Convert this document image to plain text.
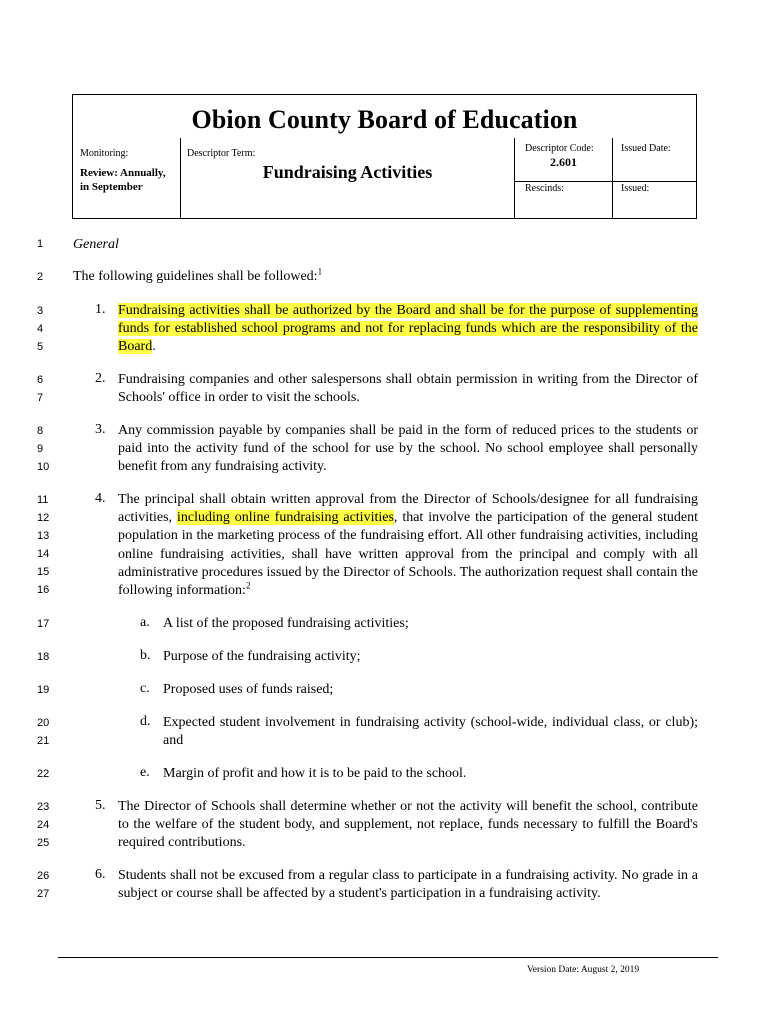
Obion County Board of Education
Monitoring:
Review: Annually,
in September
Descriptor Term:
Fundraising Activities
Descriptor Code:
2.601
Issued Date:
Rescinds:	Issued:
1
2
3
4
5
6
7
8
9
10
11
12
13
14
15
16
17
18
19
20
21
22
23
24
25
26
27
General
The following guidelines shall be followed:$^1$
1. Fundraising activities shall be authorized by the Board and shall be for the purpose of supplementing funds for established school programs and not for replacing funds which are the responsibility of the Board.
2. Fundraising companies and other salespersons shall obtain permission in writing from the Director of Schools' office in order to visit the schools.
3. Any commission payable by companies shall be paid in the form of reduced prices to the students or paid into the activity fund of the school for use by the school. No school employee shall personally benefit from any fundraising activity.
4. The principal shall obtain written approval from the Director of Schools/designee for all fundraising activities, including online fundraising activities, that involve the participation of the general student population in the marketing process of the fundraising effort. All other fundraising activities, including online fundraising activities, shall have written approval from the principal and comply with all administrative procedures issued by the Director of Schools. The authorization request shall contain the following information:$^2$
a. A list of the proposed fundraising activities;
b. Purpose of the fundraising activity;
c. Proposed uses of funds raised;
d. Expected student involvement in fundraising activity (school-wide, individual class, or club); and
e. Margin of profit and how it is to be paid to the school.
5. The Director of Schools shall determine whether or not the activity will benefit the school, contribute to the welfare of the student body, and supplement, not replace, funds necessary to fulfill the Board's required contributions.
6. Students shall not be excused from a regular class to participate in a fundraising activity. No grade in a subject or course shall be affected by a student's participation in a fundraising activity.
Version Date: August 2, 2019
